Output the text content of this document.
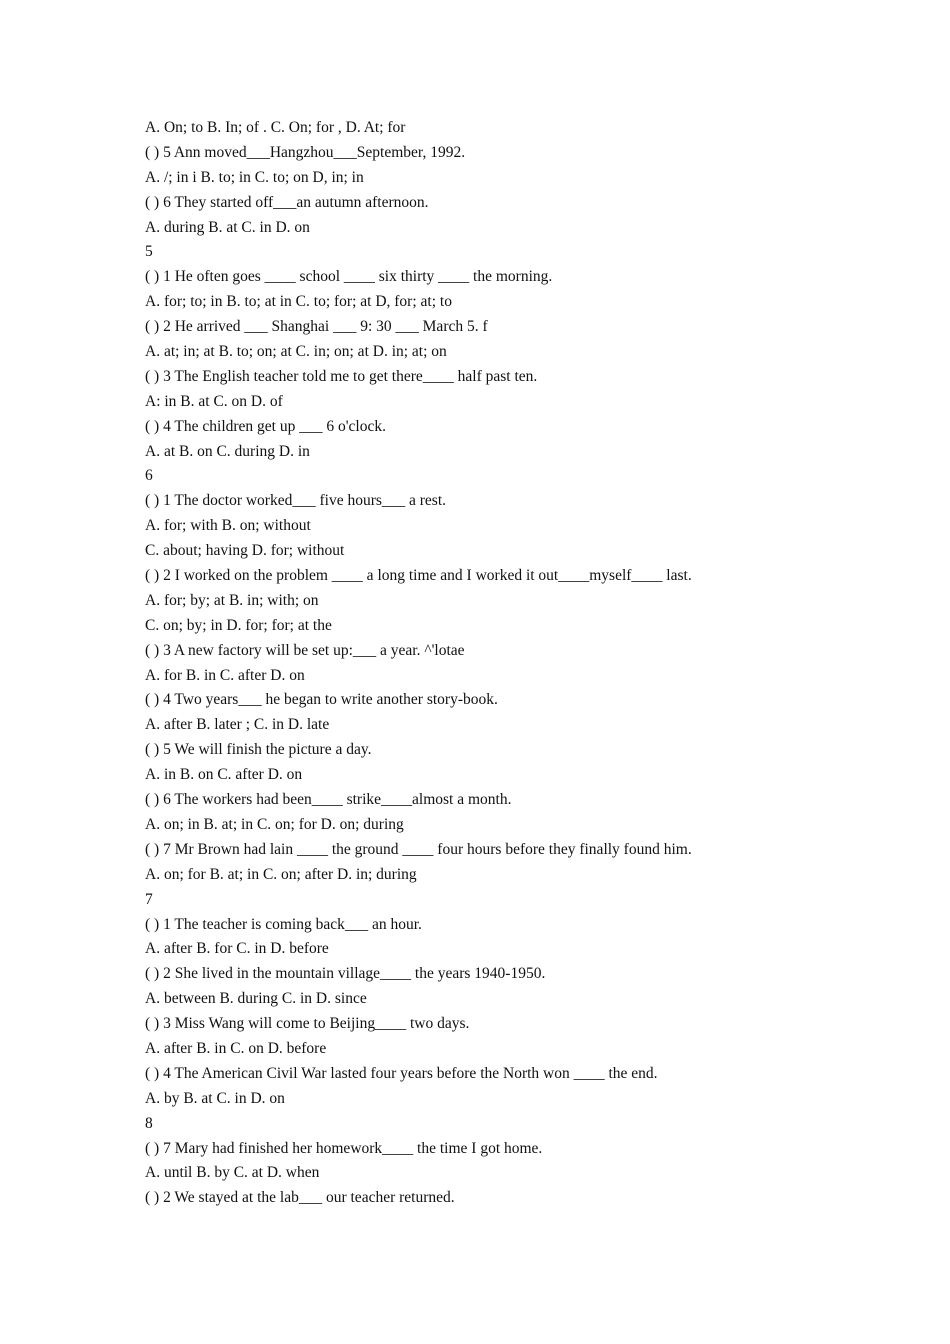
A. On; to B. In; of . C. On; for , D. At; for
( ) 5 Ann moved___Hangzhou___September, 1992.
A. /; in i B. to; in C. to; on D, in; in
( ) 6 They started off___an autumn afternoon.
A. during B. at C. in D. on
5
( ) 1 He often goes ____ school ____ six thirty ____ the morning.
A. for; to; in B. to; at in C. to; for; at D, for; at; to
( ) 2 He arrived ___ Shanghai ___ 9: 30 ___ March 5. f
A. at; in; at B. to; on; at C. in; on; at D. in; at; on
( ) 3 The English teacher told me to get there____ half past ten.
A: in B. at C. on D. of
( ) 4 The children get up ___ 6 o'clock.
A. at B. on C. during D. in
6
( ) 1 The doctor worked___ five hours___ a rest.
A. for; with B. on; without
C. about; having D. for; without
( ) 2 I worked on the problem ____ a long time and I worked it out____myself____ last.
A. for; by; at B. in; with; on
C. on; by; in D. for; for; at the
( ) 3 A new factory will be set up:___ a year. ^'lotae
A. for B. in C. after D. on
( ) 4 Two years___ he began to write another story-book.
A. after B. later ; C. in D. late
( ) 5 We will finish the picture a day.
A. in B. on C. after D. on
( ) 6 The workers had been____ strike____almost a month.
A. on; in B. at; in C. on; for D. on; during
( ) 7 Mr Brown had lain ____ the ground ____ four hours before they finally found him.
A. on; for B. at; in C. on; after D. in; during
7
( ) 1 The teacher is coming back___ an hour.
A. after B. for C. in D. before
( ) 2 She lived in the mountain village____ the years 1940-1950.
A. between B. during C. in D. since
( ) 3 Miss Wang will come to Beijing____ two days.
A. after B. in C. on D. before
( ) 4 The American Civil War lasted four years before the North won ____ the end.
A. by B. at C. in D. on
8
( ) 7 Mary had finished her homework____ the time I got home.
A. until B. by C. at D. when
( ) 2 We stayed at the lab___ our teacher returned.
